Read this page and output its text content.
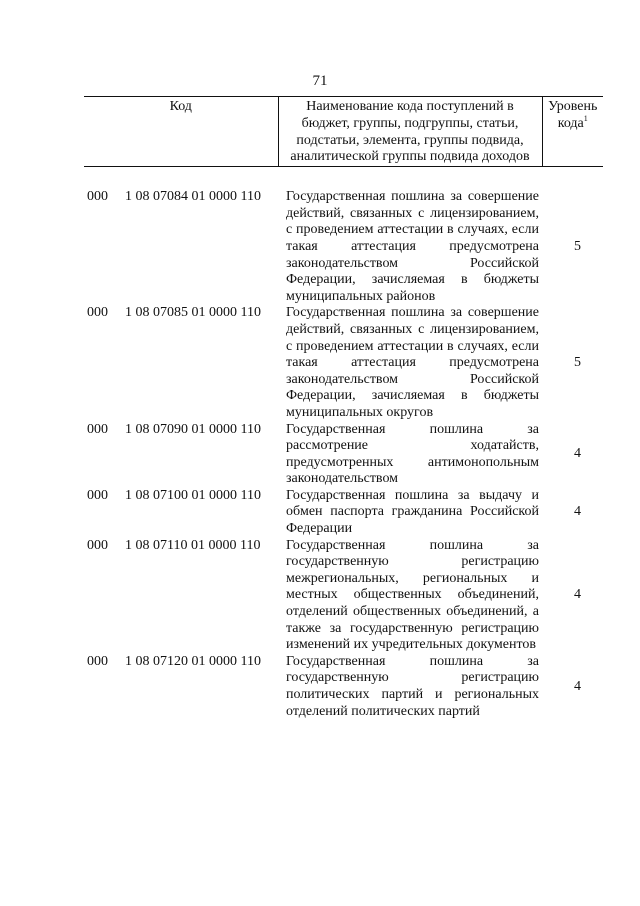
71
Код	Наименование кода поступлений в бюджет, группы, подгруппы, статьи, подстатьи, элемента, группы подвида, аналитической группы подвида доходов	Уровень кода$^1$

000 1 08 07084 01 0000 110	Государственная пошлина за совершение действий, связанных с лицензированием, с проведением аттестации в случаях, если такая аттестация предусмотрена законодательством Российской Федерации, зачисляемая в бюджеты муниципальных районов	5
000 1 08 07085 01 0000 110	Государственная пошлина за совершение действий, связанных с лицензированием, с проведением аттестации в случаях, если такая аттестация предусмотрена законодательством Российской Федерации, зачисляемая в бюджеты муниципальных округов	5
000 1 08 07090 01 0000 110	Государственная пошлина за рассмотрение ходатайств, предусмотренных антимонопольным законодательством	4
000 1 08 07100 01 0000 110	Государственная пошлина за выдачу и обмен паспорта гражданина Российской Федерации	4
000 1 08 07110 01 0000 110	Государственная пошлина за государственную регистрацию межрегиональных, региональных и местных общественных объединений, отделений общественных объединений, а также за государственную регистрацию изменений их учредительных документов	4
000 1 08 07120 01 0000 110	Государственная пошлина за государственную регистрацию политических партий и региональных отделений политических партий	4
